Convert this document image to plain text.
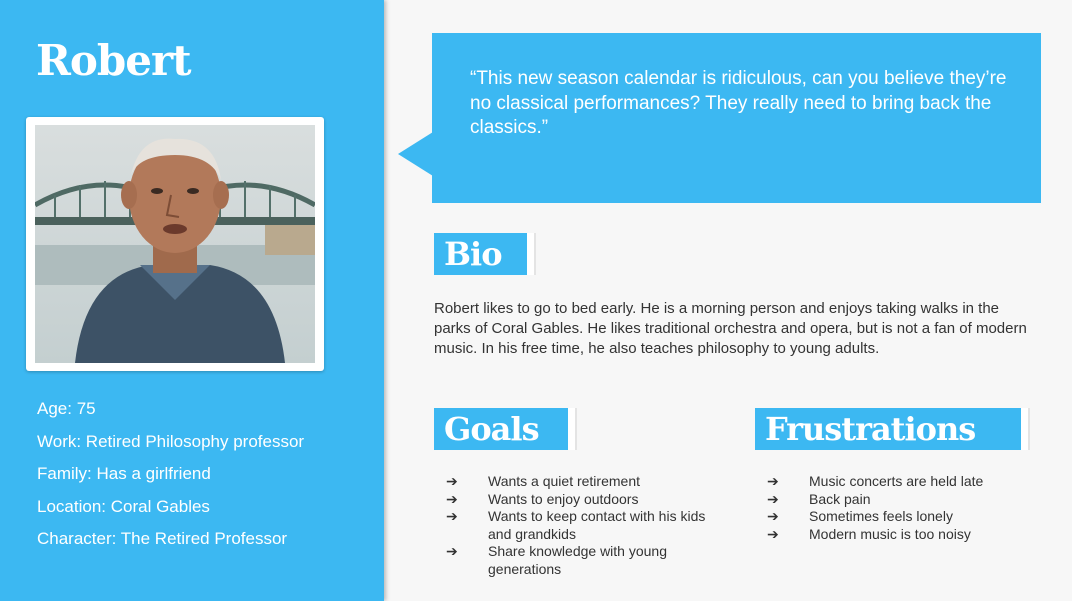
Robert
Age: 75
Work: Retired Philosophy professor
Family: Has a girlfriend
Location: Coral Gables
Character: The Retired Professor

“This new season calendar is ridiculous, can you believe they’re no classical performances? They really need to bring back the classics.”

Bio

Robert likes to go to bed early. He is a morning person and enjoys taking walks in the parks of Coral Gables. He likes traditional orchestra and opera, but is not a fan of modern music. In his free time, he also teaches philosophy to young adults.

Goals
➔	Wants a quiet retirement
➔	Wants to enjoy outdoors
➔	Wants to keep contact with his kids and grandkids
➔	Share knowledge with young generations
Frustrations
➔	Music concerts are held late
➔	Back pain
➔	Sometimes feels lonely
➔	Modern music is too noisy
